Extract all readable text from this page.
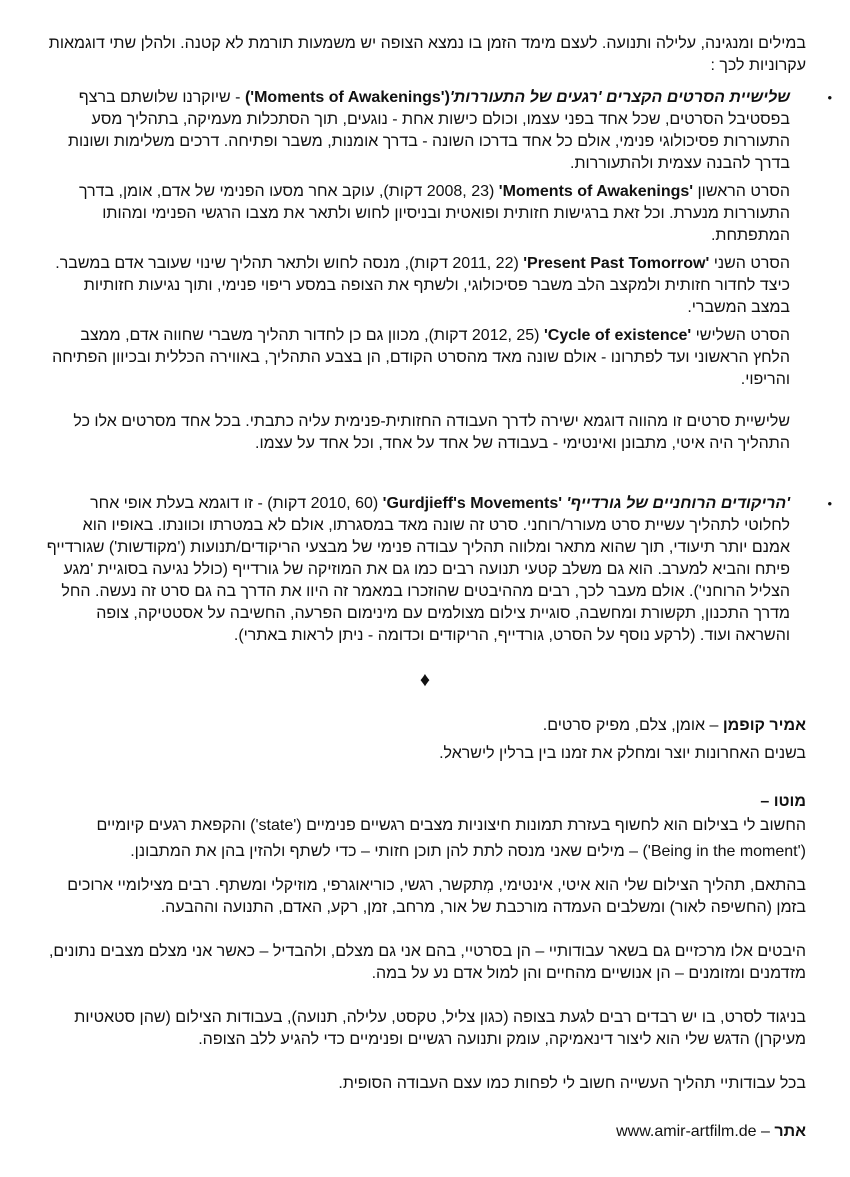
במילים ומנגינה, עלילה ותנועה. לעצם מימד הזמן בו נמצא הצופה יש משמעות תורמת לא קטנה. ולהלן שתי דוגמאות עקרוניות לכך :

•

שלישיית הסרטים הקצרים 'רגעים של התעוררות'('Moments of Awakenings') - שיוקרנו שלושתם ברצף בפסטיבל הסרטים, שכל אחד בפני עצמו, וכולם כישות אחת - נוגעים, תוך הסתכלות מעמיקה, בתהליך מסע התעוררות פסיכולוגי פנימי, אולם כל אחד בדרכו השונה - בדרך אומנות, משבר ופתיחה. דרכים משלימות ושונות בדרך להבנה עצמית ולהתעוררות.

הסרט הראשון 'Moments of Awakenings' (2008, 23 דקות), עוקב אחר מסעו הפנימי של אדם, אומן, בדרך התעוררות מנערת. וכל זאת ברגישות חזותית ופואטית ובניסיון לחוש ולתאר את מצבו הרגשי הפנימי ומהותו המתפתחת.

הסרט השני 'Present Past Tomorrow' (2011, 22 דקות), מנסה לחוש ולתאר תהליך שינוי שעובר אדם במשבר. כיצד לחדור חזותית ולמקצב הלב משבר פסיכולוגי, ולשתף את הצופה במסע ריפוי פנימי, ותוך נגיעות חזותיות במצב המשברי.

הסרט השלישי 'Cycle of existence' (2012, 25 דקות), מכוון גם כן לחדור תהליך משברי שחווה אדם, ממצב הלחץ הראשוני ועד לפתרונו - אולם שונה מאד מהסרט הקודם, הן בצבע התהליך, באווירה הכללית ובכיוון הפתיחה והריפוי.

שלישיית סרטים זו מהווה דוגמא ישירה לדרך העבודה החזותית-פנימית עליה כתבתי. בכל אחד מסרטים אלו כל התהליך היה איטי, מתבונן ואינטימי - בעבודה של אחד על אחד, וכל אחד על עצמו.

•

'הריקודים הרוחניים של גורדייף' 'Gurdjieff's Movements' (2010, 60 דקות) - זו דוגמא בעלת אופי אחר לחלוטי לתהליך עשיית סרט מעורר/רוחני. סרט זה שונה מאד במסגרתו, אולם לא במטרתו וכוונתו. באופיו הוא אמנם יותר תיעודי, תוך שהוא מתאר ומלווה תהליך עבודה פנימי של מבצעי הריקודים/תנועות ('מקודשות') שגורדייף פיתח והביא למערב. הוא גם משלב קטעי תנועה רבים כמו גם את המוזיקה של גורדייף (כולל נגיעה בסוגיית 'מגע הצליל הרוחני'). אולם מעבר לכך, רבים מההיבטים שהוזכרו במאמר זה היוו את הדרך בה גם סרט זה נעשה. החל מדרך התכנון, תקשורת ומחשבה, סוגיית צילום מצולמים עם מינימום הפרעה, החשיבה על אסטטיקה, צופה והשראה ועוד. (לרקע נוסף על הסרט, גורדייף, הריקודים וכדומה - ניתן לראות באתרי).

♦

אמיר קופמן – אומן, צלם, מפיק סרטים.

בשנים האחרונות יוצר ומחלק את זמנו בין ברלין לישראל.

מוטו –

החשוב לי בצילום הוא לחשוף בעזרת תמונות חיצוניות מצבים רגשיים פנימיים ('state') והקפאת רגעים קיומיים ('Being in the moment') – מילים שאני מנסה לתת להן תוכן חזותי – כדי לשתף ולהזין בהן את המתבונן.

בהתאם, תהליך הצילום שלי הוא איטי, אינטימי, מְתקשר, רגשי, כוריאוגרפי, מוזיקלי ומשתף. רבים מצילומיי ארוכים בזמן (החשיפה לאור) ומשלבים העמדה מורכבת של אור, מרחב, זמן, רקע, האדם, התנועה וההבעה.

היבטים אלו מרכזיים גם בשאר עבודותיי – הן בסרטיי, בהם אני גם מצלם, ולהבדיל – כאשר אני מצלם מצבים נתונים, מזדמנים ומזומנים – הן אנושיים מהחיים והן למול אדם נע על במה.

בניגוד לסרט, בו יש רבדים רבים לגעת בצופה (כגון צליל, טקסט, עלילה, תנועה), בעבודות הצילום (שהן סטאטיות מעיקרן) הדגש שלי הוא ליצור דינאמיקה, עומק ותנועה רגשיים ופנימיים כדי להגיע ללב הצופה.

בכל עבודותיי תהליך העשייה חשוב לי לפחות כמו עצם העבודה הסופית.

אתר – www.amir-artfilm.de
